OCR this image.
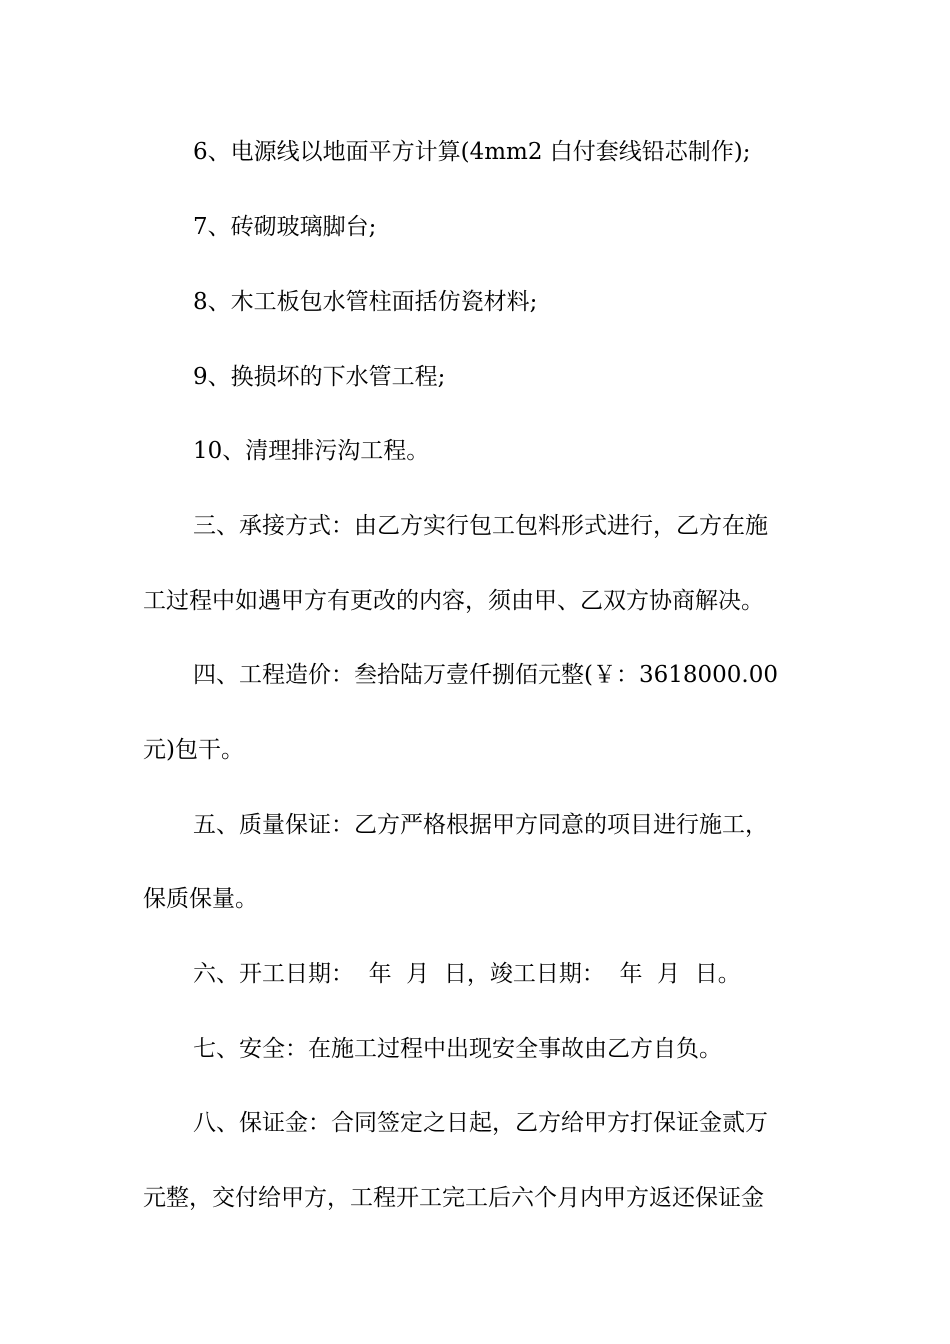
6、电源线以地面平方计算(4mm2 白付套线铅芯制作);
7、砖砌玻璃脚台;
8、木工板包水管柱面括仿瓷材料;
9、换损坏的下水管工程;
10、清理排污沟工程。
三、承接方式：由乙方实行包工包料形式进行，乙方在施
工过程中如遇甲方有更改的内容，须由甲、乙双方协商解决。
四、工程造价：叁拾陆万壹仟捌佰元整(￥：3618000.00
元)包干。
五、质量保证：乙方严格根据甲方同意的项目进行施工，
保质保量。
六、开工日期：  年  月  日，竣工日期：  年  月  日。
七、安全：在施工过程中出现安全事故由乙方自负。
八、保证金：合同签定之日起，乙方给甲方打保证金贰万
元整，交付给甲方，工程开工完工后六个月内甲方返还保证金
